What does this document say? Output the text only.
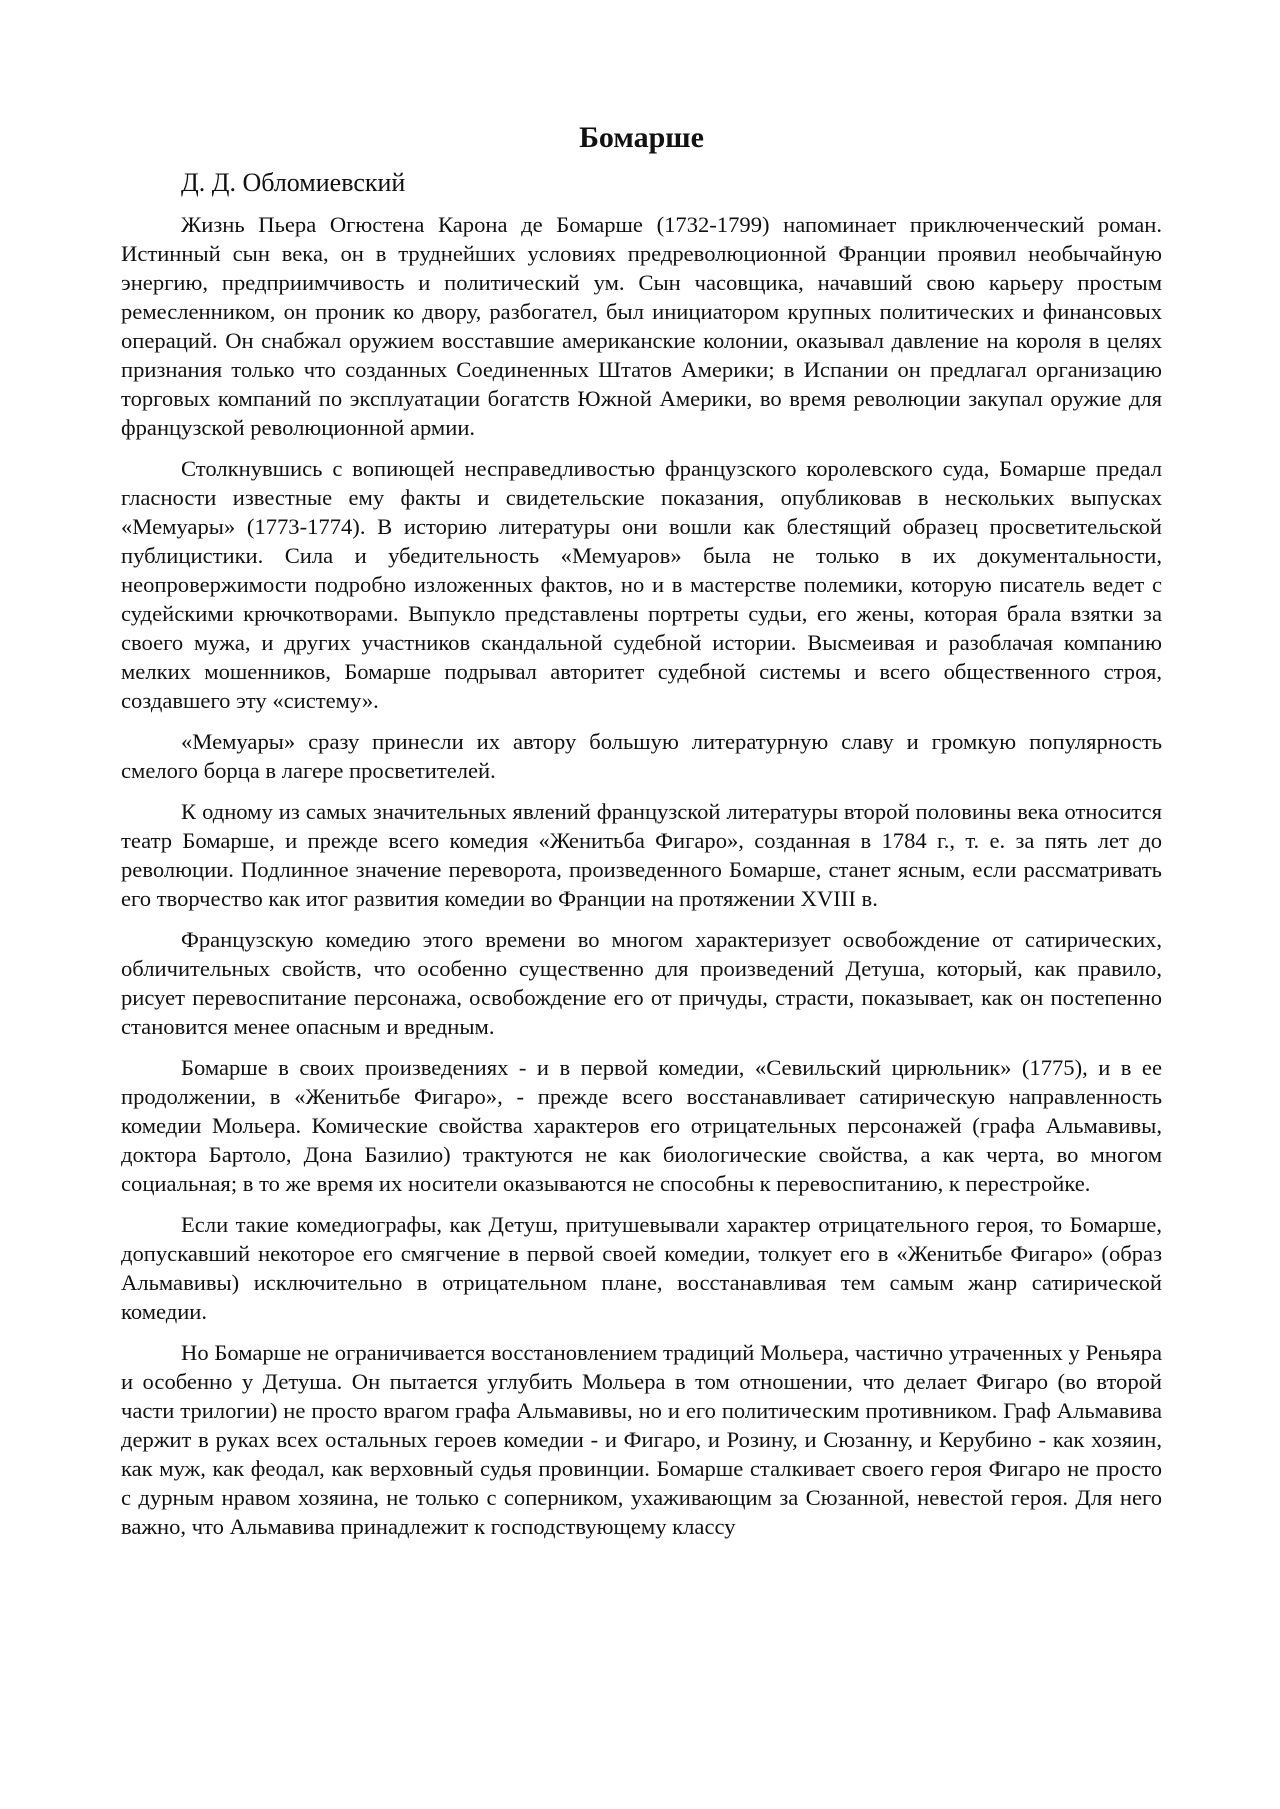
Бомарше
Д. Д. Обломиевский

Жизнь Пьера Огюстена Карона де Бомарше (1732-1799) напоминает приключенческий роман. Истинный сын века, он в труднейших условиях предреволюционной Франции проявил необычайную энергию, предприимчивость и политический ум. Сын часовщика, начавший свою карьеру простым ремесленником, он проник ко двору, разбогател, был инициатором крупных политических и финансовых операций. Он снабжал оружием восставшие американские колонии, оказывал давление на короля в целях признания только что созданных Соединенных Штатов Америки; в Испании он предлагал организацию торговых компаний по эксплуатации богатств Южной Америки, во время революции закупал оружие для французской революционной армии.

Столкнувшись с вопиющей несправедливостью французского королевского суда, Бомарше предал гласности известные ему факты и свидетельские показания, опубликовав в нескольких выпусках «Мемуары» (1773-1774). В историю литературы они вошли как блестящий образец просветительской публицистики. Сила и убедительность «Мемуаров» была не только в их документальности, неопровержимости подробно изложенных фактов, но и в мастерстве полемики, которую писатель ведет с судейскими крючкотворами. Выпукло представлены портреты судьи, его жены, которая брала взятки за своего мужа, и других участников скандальной судебной истории. Высмеивая и разоблачая компанию мелких мошенников, Бомарше подрывал авторитет судебной системы и всего общественного строя, создавшего эту «систему».

«Мемуары» сразу принесли их автору большую литературную славу и громкую популярность смелого борца в лагере просветителей.

К одному из самых значительных явлений французской литературы второй половины века относится театр Бомарше, и прежде всего комедия «Женитьба Фигаро», созданная в 1784 г., т. е. за пять лет до революции. Подлинное значение переворота, произведенного Бомарше, станет ясным, если рассматривать его творчество как итог развития комедии во Франции на протяжении XVIII в.

Французскую комедию этого времени во многом характеризует освобождение от сатирических, обличительных свойств, что особенно существенно для произведений Детуша, который, как правило, рисует перевоспитание персонажа, освобождение его от причуды, страсти, показывает, как он постепенно становится менее опасным и вредным.

Бомарше в своих произведениях - и в первой комедии, «Севильский цирюльник» (1775), и в ее продолжении, в «Женитьбе Фигаро», - прежде всего восстанавливает сатирическую направленность комедии Мольера. Комические свойства характеров его отрицательных персонажей (графа Альмавивы, доктора Бартоло, Дона Базилио) трактуются не как биологические свойства, а как черта, во многом социальная; в то же время их носители оказываются не способны к перевоспитанию, к перестройке.

Если такие комедиографы, как Детуш, притушевывали характер отрицательного героя, то Бомарше, допускавший некоторое его смягчение в первой своей комедии, толкует его в «Женитьбе Фигаро» (образ Альмавивы) исключительно в отрицательном плане, восстанавливая тем самым жанр сатирической комедии.

Но Бомарше не ограничивается восстановлением традиций Мольера, частично утраченных у Реньяра и особенно у Детуша. Он пытается углубить Мольера в том отношении, что делает Фигаро (во второй части трилогии) не просто врагом графа Альмавивы, но и его политическим противником. Граф Альмавива держит в руках всех остальных героев комедии - и Фигаро, и Розину, и Сюзанну, и Керубино - как хозяин, как муж, как феодал, как верховный судья провинции. Бомарше сталкивает своего героя Фигаро не просто с дурным нравом хозяина, не только с соперником, ухаживающим за Сюзанной, невестой героя. Для него важно, что Альмавива принадлежит к господствующему классу
